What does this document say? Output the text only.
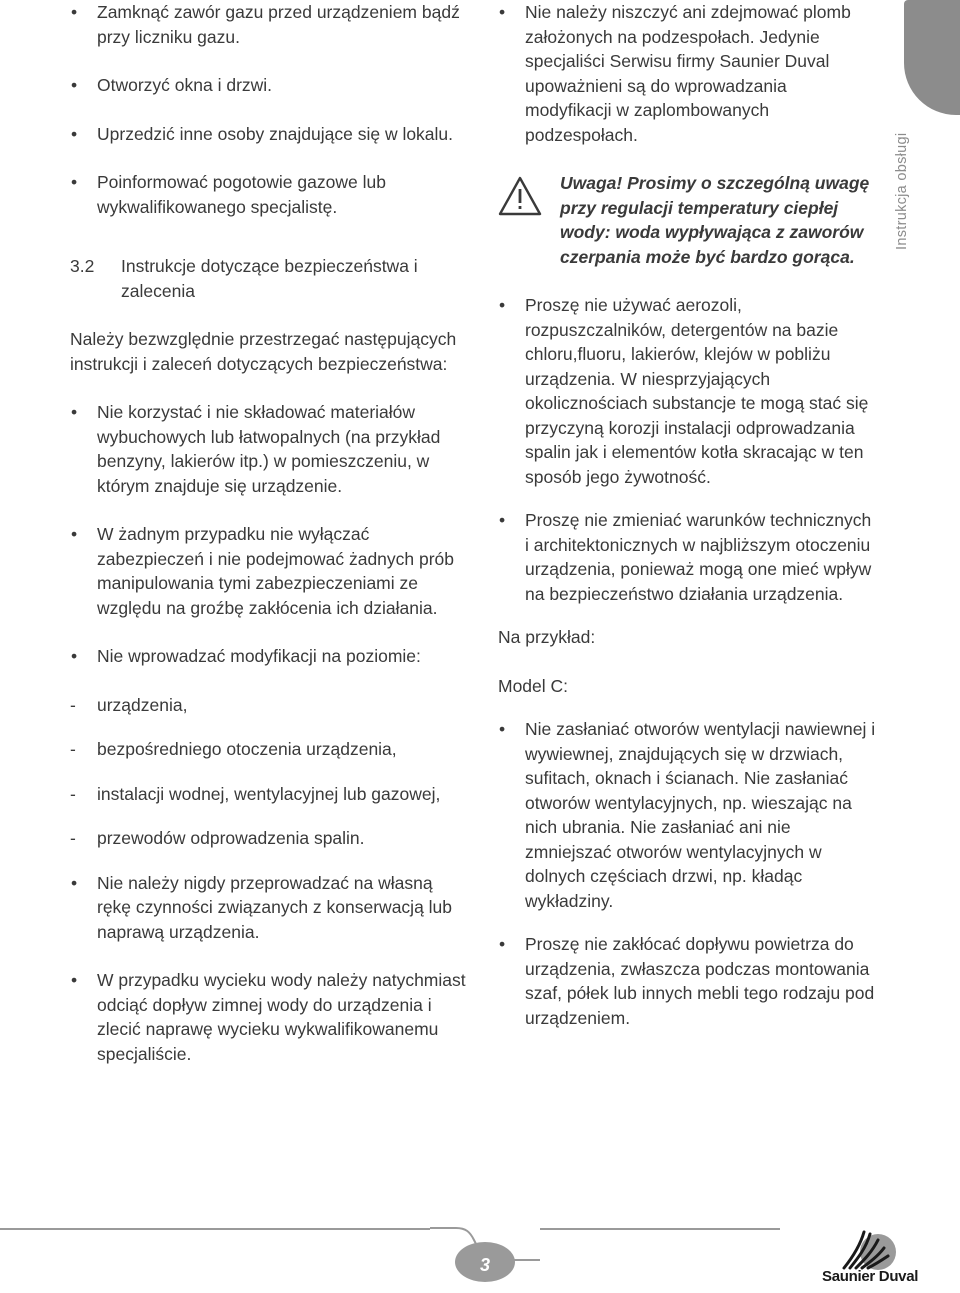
• Zamknąć zawór gazu przed urządzeniem bądź przy liczniku gazu.
• Otworzyć okna i drzwi.
• Uprzedzić inne osoby znajdujące się w lokalu.
• Poinformować pogotowie gazowe lub wykwalifikowanego specjalistę.
3.2 Instrukcje dotyczące bezpieczeństwa i zalecenia

Należy bezwzględnie przestrzegać następujących instrukcji i zaleceń dotyczących bezpieczeństwa:

• Nie korzystać i nie składować materiałów wybuchowych lub łatwopalnych (na przykład benzyny, lakierów itp.) w pomieszczeniu, w którym znajduje się urządzenie.
• W żadnym przypadku nie wyłączać zabezpieczeń i nie podejmować żadnych prób manipulowania tymi zabezpieczeniami ze względu na groźbę zakłócenia ich działania.
• Nie wprowadzać modyfikacji na poziomie:
- urządzenia,
- bezpośredniego otoczenia urządzenia,
- instalacji wodnej, wentylacyjnej lub gazowej,
- przewodów odprowadzenia spalin.
• Nie należy nigdy przeprowadzać na własną rękę czynności związanych z konserwacją lub naprawą urządzenia.
• W przypadku wycieku wody należy natychmiast odciąć dopływ zimnej wody do urządzenia i zlecić naprawę wycieku wykwalifikowanemu specjaliście.
• Nie należy niszczyć ani zdejmować plomb założonych na podzespołach. Jedynie specjaliści Serwisu firmy Saunier Duval upoważnieni są do wprowadzania modyfikacji w zaplombowanych podzespołach.
Uwaga! Prosimy o szczególną uwagę przy regulacji temperatury ciepłej wody: woda wypływająca z zaworów czerpania może być bardzo gorąca.
• Proszę nie używać aerozoli, rozpuszczalników, detergentów na bazie chloru,fluoru, lakierów, klejów w pobliżu urządzenia. W niesprzyjających okolicznościach substancje te mogą stać się przyczyną korozji instalacji odprowadzania spalin jak i elementów kotła skracając w ten sposób jego żywotność.
• Proszę nie zmieniać warunków technicznych i architektonicznych w najbliższym otoczeniu urządzenia, ponieważ mogą one mieć wpływ na bezpieczeństwo działania urządzenia.

Na przykład:

Model C:

• Nie zasłaniać otworów wentylacji nawiewnej i wywiewnej, znajdujących się w drzwiach, sufitach, oknach i ścianach. Nie zasłaniać otworów wentylacyjnych, np. wieszając na nich ubrania. Nie zasłaniać ani nie zmniejszać otworów wentylacyjnych w dolnych częściach drzwi, np. kładąc wykładziny.
• Proszę nie zakłócać dopływu powietrza do urządzenia, zwłaszcza podczas montowania szaf, półek lub innych mebli tego rodzaju pod urządzeniem.
Instrukcja obsługi
3
Saunier Duval
